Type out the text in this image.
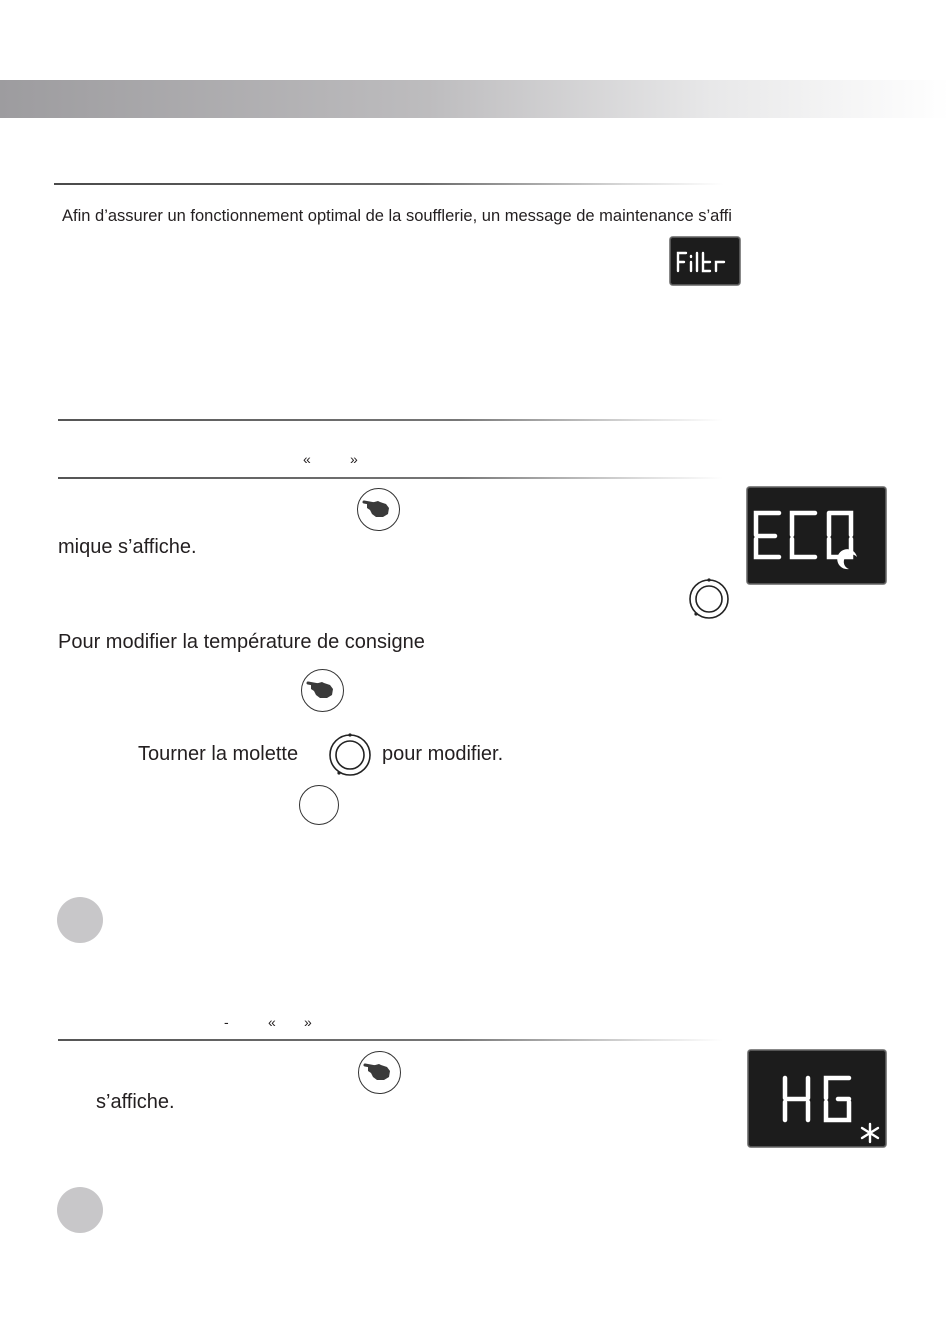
Afin d’assurer un fonctionnement optimal de la soufflerie, un message de maintenance s’affi
«	»
mique s’affiche.
Pour modifier la température de consigne
Tourner la molette	pour modifier.
-	« »
s’affiche.
